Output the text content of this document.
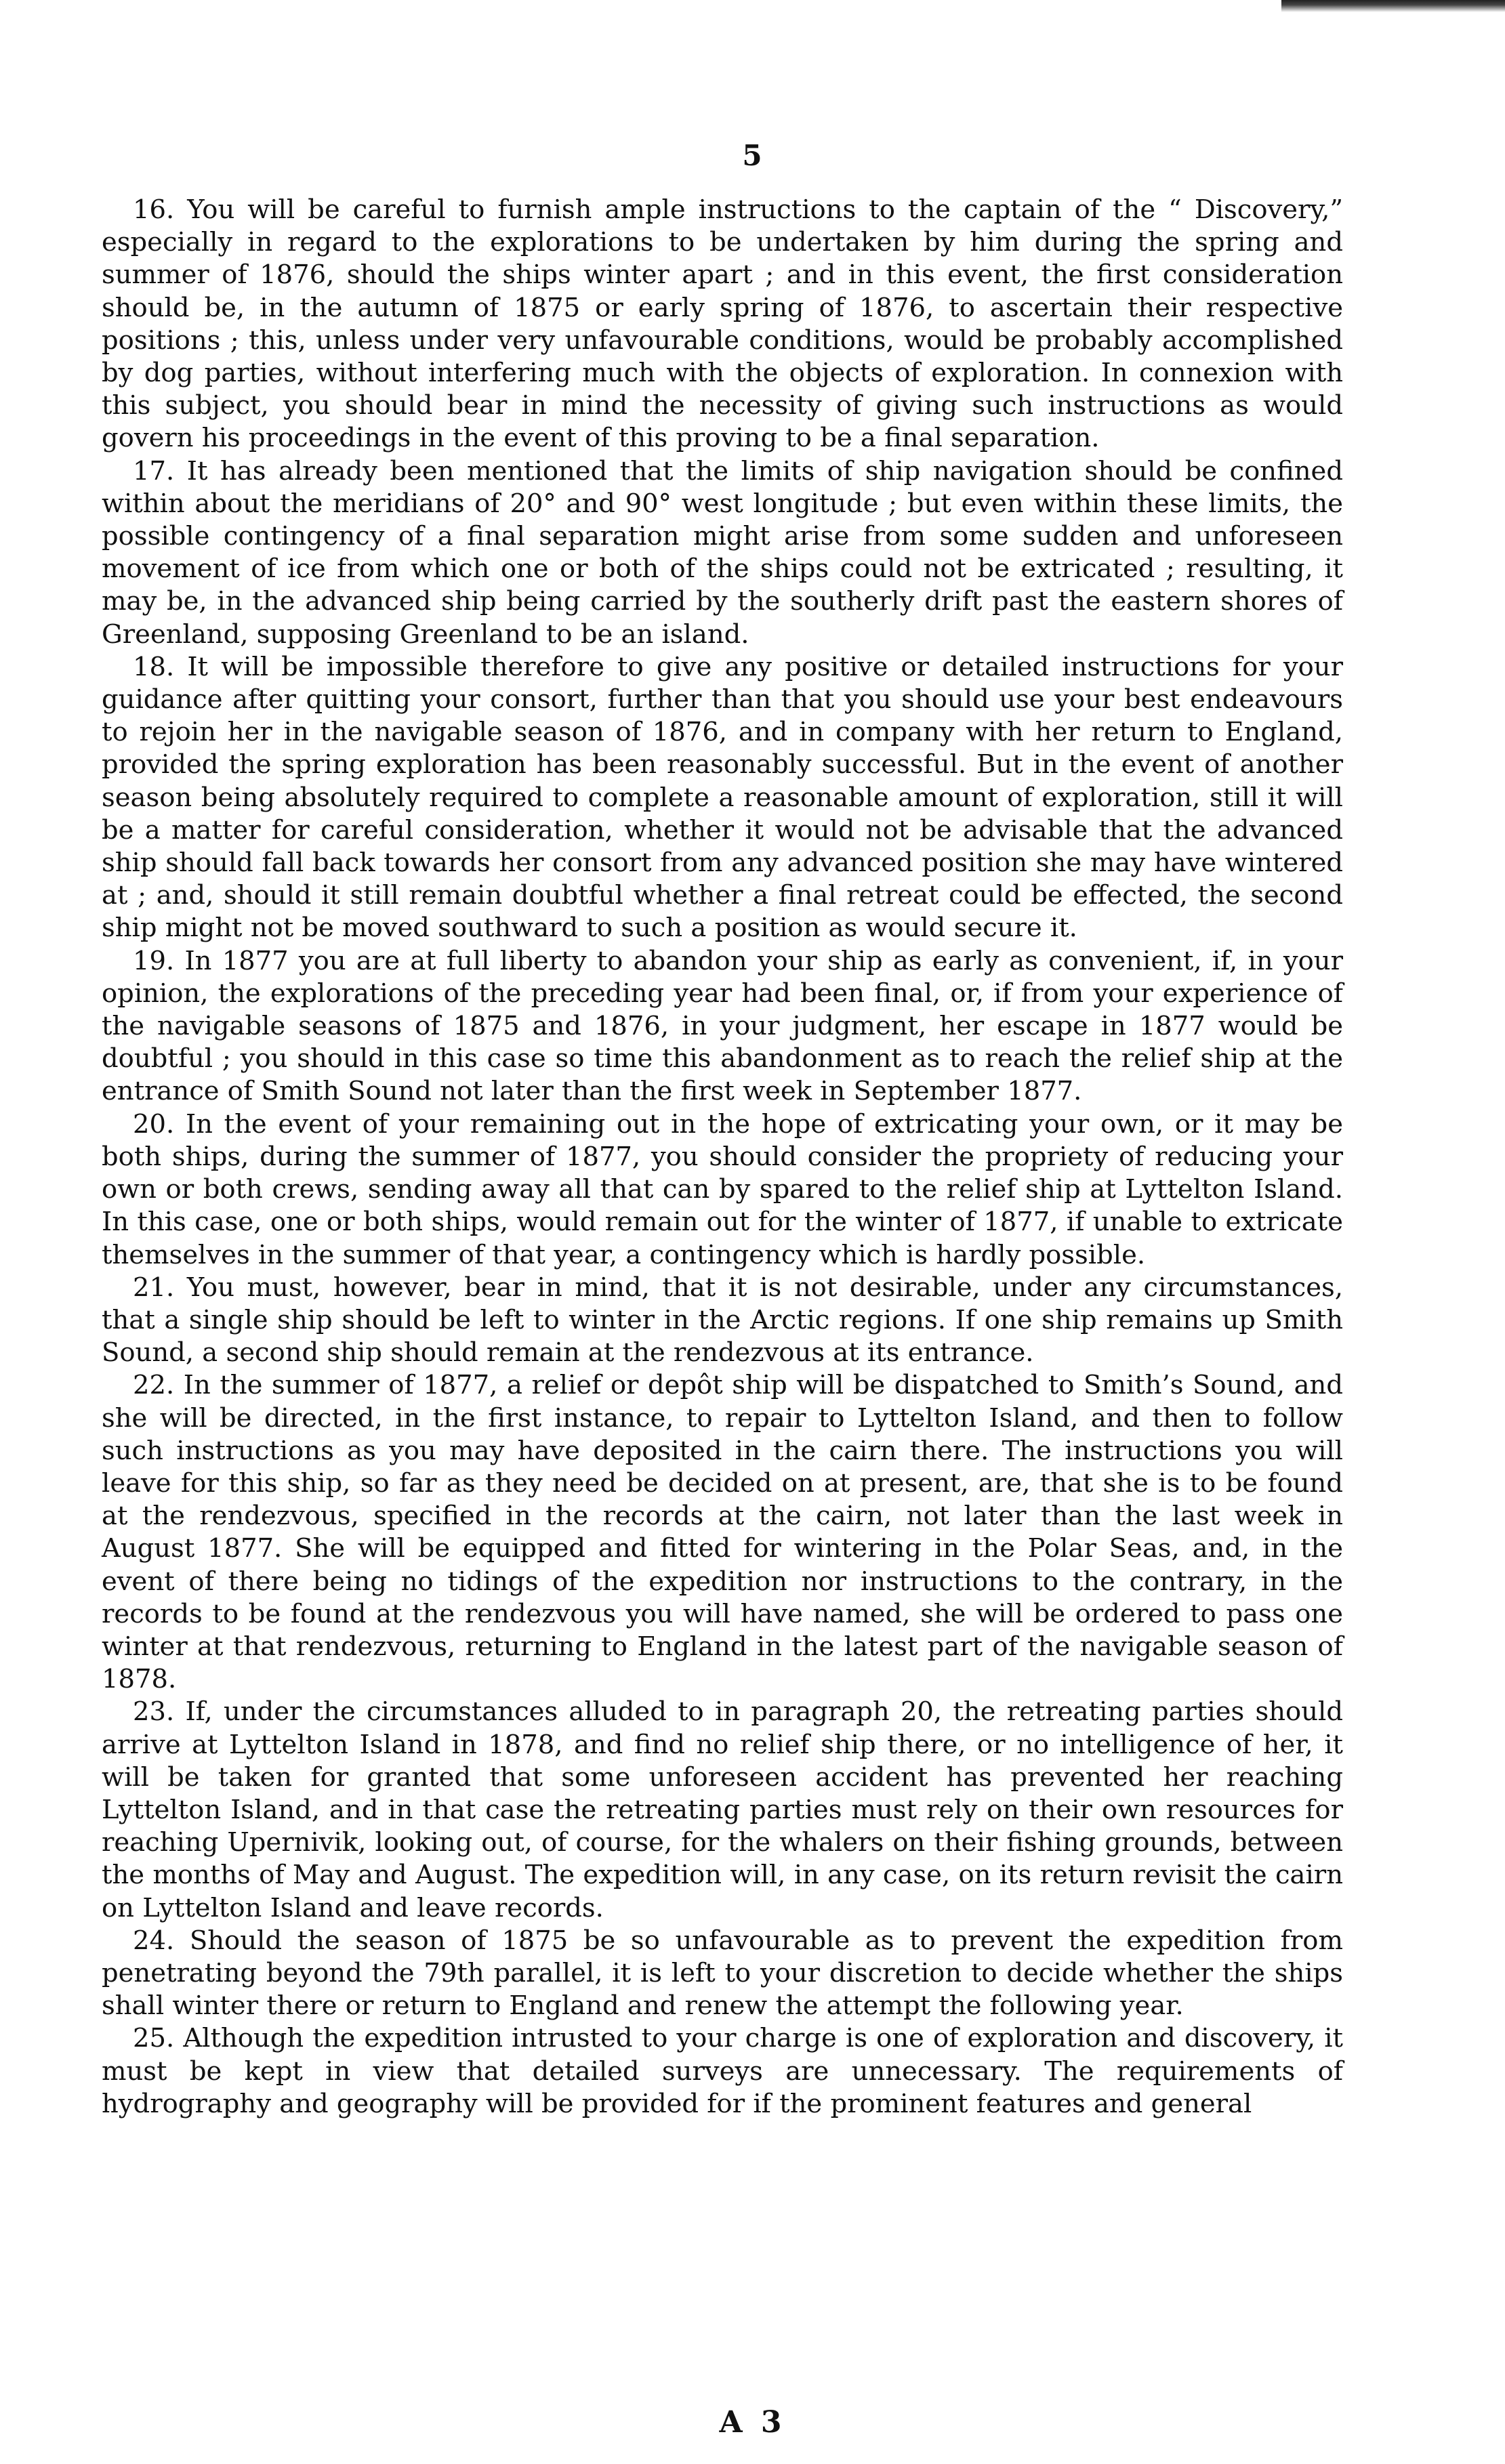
5

16. You will be careful to furnish ample instructions to the captain of the “ Discovery,” especially in regard to the explorations to be undertaken by him during the spring and summer of 1876, should the ships winter apart ; and in this event, the first consideration should be, in the autumn of 1875 or early spring of 1876, to ascertain their respective positions ; this, unless under very unfavourable conditions, would be probably accomplished by dog parties, without interfering much with the objects of exploration. In connexion with this subject, you should bear in mind the necessity of giving such instructions as would govern his proceedings in the event of this proving to be a final separation.

17. It has already been mentioned that the limits of ship navigation should be confined within about the meridians of 20° and 90° west longitude ; but even within these limits, the possible contingency of a final separation might arise from some sudden and unforeseen movement of ice from which one or both of the ships could not be extricated ; resulting, it may be, in the advanced ship being carried by the southerly drift past the eastern shores of Greenland, supposing Greenland to be an island.

18. It will be impossible therefore to give any positive or detailed instructions for your guidance after quitting your consort, further than that you should use your best endeavours to rejoin her in the navigable season of 1876, and in company with her return to England, provided the spring exploration has been reasonably successful. But in the event of another season being absolutely required to complete a reasonable amount of exploration, still it will be a matter for careful consideration, whether it would not be advisable that the advanced ship should fall back towards her consort from any advanced position she may have wintered at ; and, should it still remain doubtful whether a final retreat could be effected, the second ship might not be moved southward to such a position as would secure it.

19. In 1877 you are at full liberty to abandon your ship as early as convenient, if, in your opinion, the explorations of the preceding year had been final, or, if from your experience of the navigable seasons of 1875 and 1876, in your judgment, her escape in 1877 would be doubtful ; you should in this case so time this abandonment as to reach the relief ship at the entrance of Smith Sound not later than the first week in September 1877.

20. In the event of your remaining out in the hope of extricating your own, or it may be both ships, during the summer of 1877, you should consider the propriety of reducing your own or both crews, sending away all that can by spared to the relief ship at Lyttelton Island. In this case, one or both ships, would remain out for the winter of 1877, if unable to extricate themselves in the summer of that year, a contingency which is hardly possible.

21. You must, however, bear in mind, that it is not desirable, under any circumstances, that a single ship should be left to winter in the Arctic regions. If one ship remains up Smith Sound, a second ship should remain at the rendezvous at its entrance.

22. In the summer of 1877, a relief or depôt ship will be dispatched to Smith’s Sound, and she will be directed, in the first instance, to repair to Lyttelton Island, and then to follow such instructions as you may have deposited in the cairn there. The instructions you will leave for this ship, so far as they need be decided on at present, are, that she is to be found at the rendezvous, specified in the records at the cairn, not later than the last week in August 1877. She will be equipped and fitted for wintering in the Polar Seas, and, in the event of there being no tidings of the expedition nor instructions to the contrary, in the records to be found at the rendezvous you will have named, she will be ordered to pass one winter at that rendezvous, returning to England in the latest part of the navigable season of 1878.

23. If, under the circumstances alluded to in paragraph 20, the retreating parties should arrive at Lyttelton Island in 1878, and find no relief ship there, or no intelligence of her, it will be taken for granted that some unforeseen accident has prevented her reaching Lyttelton Island, and in that case the retreating parties must rely on their own resources for reaching Upernivik, looking out, of course, for the whalers on their fishing grounds, between the months of May and August. The expedition will, in any case, on its return revisit the cairn on Lyttelton Island and leave records.

24. Should the season of 1875 be so unfavourable as to prevent the expedition from penetrating beyond the 79th parallel, it is left to your discretion to decide whether the ships shall winter there or return to England and renew the attempt the following year.

25. Although the expedition intrusted to your charge is one of exploration and discovery, it must be kept in view that detailed surveys are unnecessary. The requirements of hydrography and geography will be provided for if the prominent features and general

A 3
